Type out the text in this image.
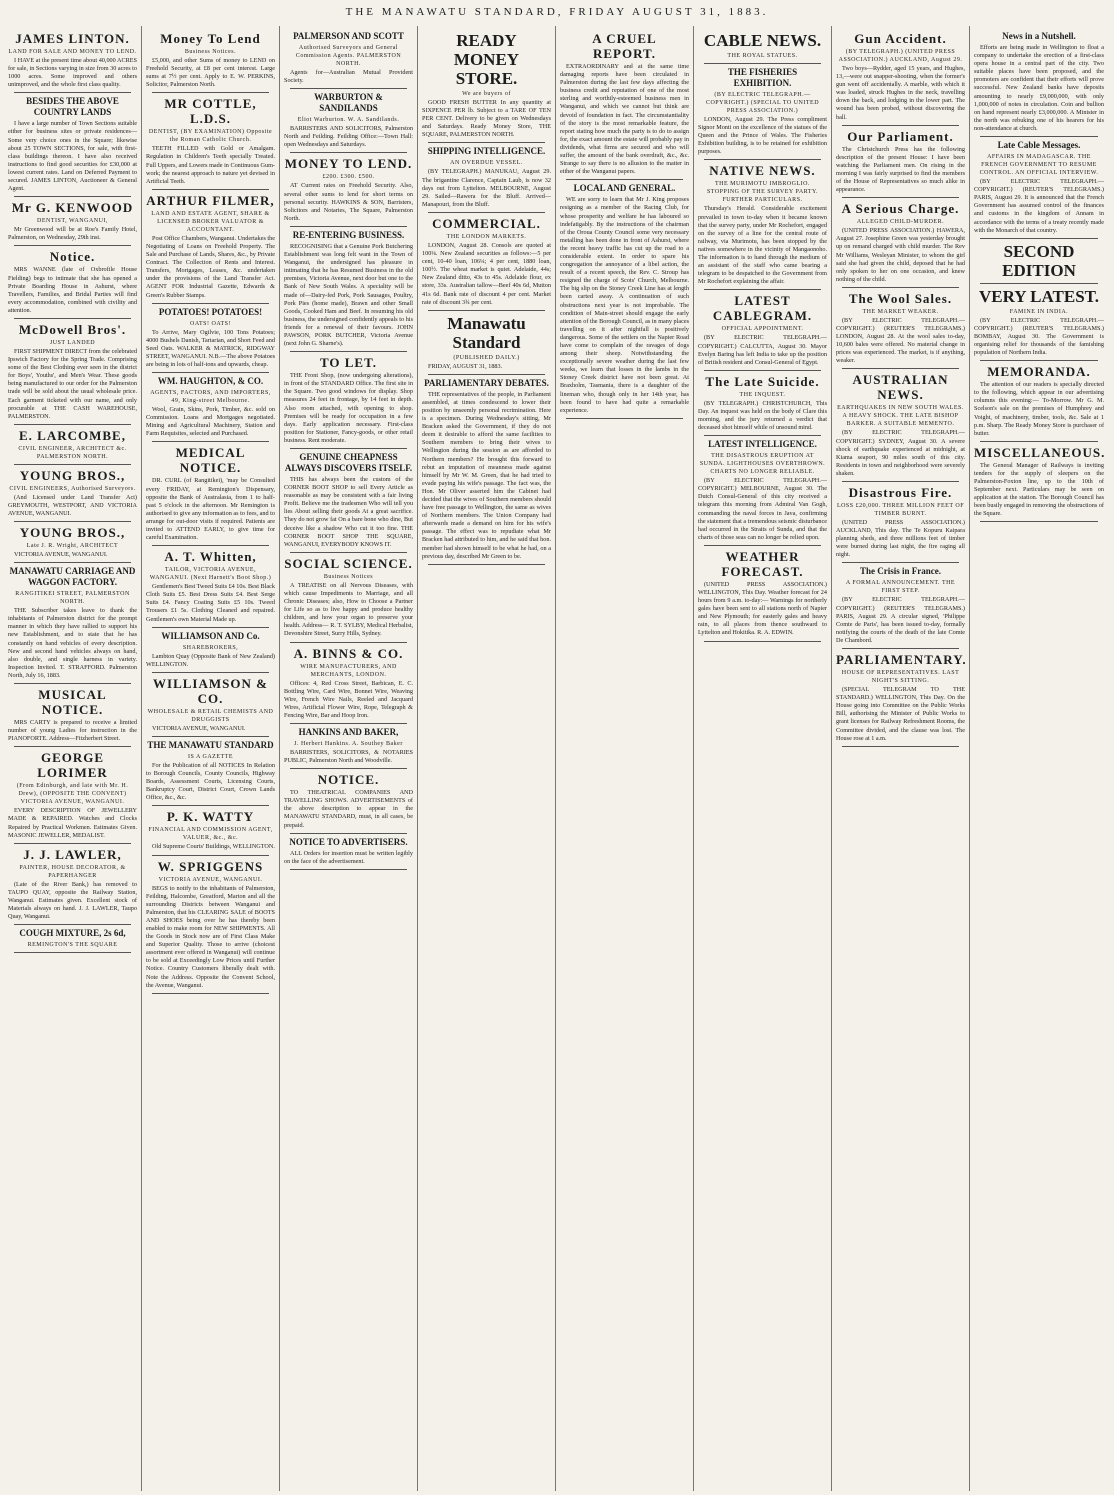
THE MANAWATU STANDARD, FRIDAY AUGUST 31, 1883.
JAMES LINTON.
LAND FOR SALE AND MONEY TO LEND.
I HAVE at the present time about 40,000 ACRES for sale, in Sections varying in size from 30 acres to 1000 acres. Some improved and others unimproved, and the whole first class quality.
BESIDES THE ABOVE COUNTRY LANDS
I have a large number of Town Sections suitable either for business sites or private residences—Some very choice ones in the Square; likewise about 25 TOWN SECTIONS, for sale, with first-class buildings thereon. I have also received instructions to find good securities for £30,000 at lowest current rates. Land on Deferred Payment to secured. JAMES LINTON, Auctioneer & General Agent.
Mr G. KENWOOD
DENTIST, WANGANUI,
Mr Greenwood will be at Roe's Family Hotel, Palmerston, on Wednesday, 29th inst.
Notice.
MRS WANNE (late of Oxbrofile House Fielding) begs to intimate that she has opened a Private Boarding House in Ashurst, where Travellers, Families, and Bridal Parties will find every accommodation, combined with civility and attention.
McDowell Bros'.
JUST LANDED
FIRST SHIPMENT DIRECT from the celebrated Ipswich Factory for the Spring Trade. Comprising some of the Best Clothing ever seen in the district for Boys', Youths', and Men's Wear. These goods being manufactured to our order for the Palmerston trade will be sold about the usual wholesale price. Each garment ticketed with our name, and only procurable at THE CASH WAREHOUSE, PALMERSTON.
E. LARCOMBE,
CIVIL ENGINEER, ARCHITECT &c. PALMERSTON NORTH.
YOUNG BROS.,
CIVIL ENGINEERS, Authorised Surveyors.
(And Licensed under Land Transfer Act) GREYMOUTH, WESTPORT, AND VICTORIA AVENUE, WANGANUI.
YOUNG BROS.,
Late J. R. Wright, ARCHITECT
VICTORIA AVENUE, WANGANUI.
MANAWATU CARRIAGE AND WAGGON FACTORY.
RANGITIKEI STREET, PALMERSTON NORTH.
THE Subscriber takes leave to thank the inhabitants of Palmerston district for the prompt manner in which they have rallied to support his new Establishment, and to state that he has constantly on hand vehicles of every description. New and second hand vehicles always on hand, also double, and single harness in variety. Inspection Invited. T. STRAFFORD. Palmerston North, July 16, 1883.
MUSICAL NOTICE.
MRS CARTY is prepared to receive a limited number of young Ladies for instruction in the PIANOFORTE. Address—Fitzherbert Street.
GEORGE LORIMER
(From Edinburgh, and late with Mr. H. Drew), (OPPOSITE THE CONVENT) VICTORIA AVENUE, WANGANUI.
EVERY DESCRIPTION OF JEWELLERY MADE & REPAIRED. Watches and Clocks Repaired by Practical Workmen. Estimates Given. MASONIC JEWELLER, MEDALIST.
J. J. LAWLER,
PAINTER, HOUSE DECORATOR, & PAPERHANGER
(Late of the River Bank,) has removed to TAUPO QUAY, opposite the Railway Station, Wanganui. Estimates given. Excellent stock of Materials always on hand. J. J. LAWLER, Taupo Quay, Wanganui.
COUGH MIXTURE, 2s 6d,
REMINGTON'S THE SQUARE
Money To Lend
Business Notices.
£5,000, and other Sums of money to LEND on Freehold Security, at £8 per cent interest. Large sums at 7½ per cent. Apply to E. W. PERKINS, Solicitor, Palmerston North.
MR COTTLE, L.D.S.
DENTIST, (BY EXAMINATION) Opposite the Roman Catholic Church.
TEETH FILLED with Gold or Amalgam. Regulation in Children's Teeth specially Treated. Full Uppers, and Lowers made in Continuous Gum-work; the nearest approach to nature yet devised in Artificial Teeth.
ARTHUR FILMER,
LAND AND ESTATE AGENT, SHARE & LICENSED BROKER VALUATOR & ACCOUNTANT.
Post Office Chambers, Wanganui. Undertakes the Negotiating of Loans on Freehold Property. The Sale and Purchase of Lands, Shares, &c., by Private Contract. The Collection of Rents and Interest. Transfers, Mortgages, Leases, &c. undertaken under the provisions of the Land Transfer Act. AGENT FOR Industrial Gazette, Edwards & Green's Rubber Stamps.
POTATOES! POTATOES!
OATS! OATS!
To Arrive, Mary Ogilvie, 100 Tons Potatoes; 4000 Bushels Danish, Tartarian, and Short Feed and Seed Oats. WALKER & MATRICK, RIDGWAY STREET, WANGANUI. N.B.—The above Potatoes are being in lots of half-tons and upwards, cheap.
WM. HAUGHTON, & CO.
AGENTS, FACTORS, AND IMPORTERS, 49, King-street Melbourne.
Wool, Grain, Skins, Pork, Timber, &c. sold on Commission. Loans and Mortgages negotiated. Mining and Agricultural Machinery, Station and Farm Requisites, selected and Purchased.
MEDICAL NOTICE.
DR. CURL (of Rangitikei), 'may be Consulted every FRIDAY, at Remington's Dispensary, opposite the Bank of Australasia, from 1 to half-past 5 o'clock in the afternoon. Mr Remington is authorised to give any information as to fees, and to arrange for out-door visits if required. Patients are invited to ATTEND EARLY, to give time for careful Examination.
A. T. Whitten,
TAILOR, VICTORIA AVENUE, WANGANUI. (Next Harnett's Boot Shop.)
Gentlemen's Best Tweed Suits £4 10s. Best Black Cloth Suits £5. Best Dress Suits £4. Best Serge Suits £4. Fancy Coating Suits £5 10s. Tweed Trousers £1 5s. Clothing Cleaned and repaired. Gentlemen's own Material Made up.
WILLIAMSON AND Co.
SHAREBROKERS,
Lambton Quay (Opposite Bank of New Zealand) WELLINGTON.
WILLIAMSON & CO.
WHOLESALE & RETAIL CHEMISTS AND DRUGGISTS
VICTORIA AVENUE, WANGANUI.
THE MANAWATU STANDARD
IS A GAZETTE
For the Publication of all NOTICES In Relation to Borough Councils, County Councils, Highway Boards, Assessment Courts, Licensing Courts, Bankruptcy Court, District Court, Crown Lands Office, &c., &c.
P. K. WATTY
FINANCIAL AND COMMISSION AGENT, VALUER, &c., &c.
Old Supreme Courts' Buildings, WELLINGTON.
W. SPRIGGENS
VICTORIA AVENUE, WANGANUI.
BEGS to notify to the inhabitants of Palmerston, Feilding, Halcombe, Greatford, Marton and all the surrounding Districts between Wanganui and Palmerston, that his CLEARING SALE of BOOTS AND SHOES being over he has thereby been enabled to make room for NEW SHIPMENTS. All the Goods in Stock now are of First Class Make and Superior Quality. Those to arrive (choicest assortment ever offered in Wanganui) will continue to be sold at Exceedingly Low Prices until Further Notice. Country Customers liberally dealt with. Note the Address. Opposite the Convent School, the Avenue, Wanganui.
PALMERSON AND SCOTT
Authorised Surveyors and General Commission Agents. PALMERSTON NORTH.
Agents for—Australian Mutual Provident Society.
WARBURTON & SANDILANDS
Eliot Warburton. W. A. Sandilands.
BARRISTERS AND SOLICITORS, Palmerston North and Feilding. Feilding Office:—Town Hall: open Wednesdays and Saturdays.
MONEY TO LEND.
£200. £300. £500.
AT Current rates on Freehold Security. Also, several other sums to lend for short terms on personal security. HAWKINS & SON, Barristers, Solicitors and Notaries, The Square, Palmerston North.
RE-ENTERING BUSINESS.
RECOGNISING that a Genuine Pork Butchering Establishment was long felt want in the Town of Wanganui, the undersigned has pleasure in intimating that he has Resumed Business in the old premises, Victoria Avenue, next door but one to the Bank of New South Wales. A speciality will be made of—Dairy-fed Pork, Pork Sausages, Poultry, Pork Pies (home made), Brawn and other Small Goods, Cooked Ham and Beef. In resuming his old business, the undersigned confidently appeals to his friends for a renewal of their favours. JOHN PAWSON, PORK BUTCHER, Victoria Avenue (next John G. Sharne's).
TO LET.
THE Front Shop, (now undergoing alterations), in front of the STANDARD Office. The first site in the Square. Two good windows for display. Shop measures 24 feet in frontage, by 14 feet in depth. Also room attached, with opening to shop. Premises will be ready for occupation in a few days. Early application necessary. First-class position for Stationer, Fancy-goods, or other retail business. Rent moderate.
GENUINE CHEAPNESS ALWAYS DISCOVERS ITSELF.
THIS has always been the custom of the CORNER BOOT SHOP to sell Every Article as reasonable as may be consistent with a fair living Profit. Believe me the tradesmen Who will tell you lies About selling their goods At a great sacrifice. They do not grow fat On a bare bone who dine, But deceive like a shadow Who cut it too fine. THE CORNER BOOT SHOP THE SQUARE, WANGANUI, EVERYBODY KNOWS IT.
SOCIAL SCIENCE.
Business Notices
A TREATISE on all Nervous Diseases, with which cause Impediments to Marriage, and all Chronic Diseases; also, How to Choose a Partner for Life so as to live happy and produce healthy children, and how your organ to preserve your health. Address— R. T. SYLBY, Medical Herbalist, Devonshire Street, Surry Hills, Sydney.
A. BINNS & CO.
WIRE MANUFACTURERS, AND MERCHANTS, LONDON.
Offices: 4, Red Cross Street, Barbican, E. C. Bottling Wire, Card Wire, Bonnet Wire, Weaving Wire, French Wire Nails, Reeled and Jacquard Wires, Artificial Flower Wire, Rope, Telegraph & Fencing Wire, Bar and Hoop Iron.
HANKINS AND BAKER,
J. Herbert Hankins. A. Southey Baker
BARRISTERS, SOLICITORS, & NOTARIES PUBLIC, Palmerston North and Woodville.
NOTICE.
TO THEATRICAL COMPANIES AND TRAVELLING SHOWS. ADVERTISEMENTS of the above description to appear in the MANAWATU STANDARD, must, in all cases, be prepaid.
NOTICE TO ADVERTISERS.
ALL Orders for insertion must be written legibly on the face of the advertisement.
READY MONEY STORE.
We are buyers of
GOOD FRESH BUTTER In any quantity at SIXPENCE PER lb. Subject to a TARE OF TEN PER CENT. Delivery to be given on Wednesdays and Saturdays. Ready Money Store, THE SQUARE, PALMERSTON NORTH.
SHIPPING INTELLIGENCE.
AN OVERDUE VESSEL.
(BY TELEGRAPH.) MANUKAU, August 29. The brigantine Clarence, Captain Laub, is now 32 days out from Lyttelton. MELBOURNE, August 29. Sailed—Rawera for the Bluff. Arrived—Manapouri, from the Bluff.
COMMERCIAL.
THE LONDON MARKETS.
LONDON, August 28. Consols are quoted at 100⅛. New Zealand securities as follows:—5 per cent, 10-40 loan, 106¼; 4 per cent, 1880 loan, 100½. The wheat market is quiet. Adelaide, 44s; New Zealand ditto, 43s to 45s. Adelaide flour, ex store, 33s. Australian tallow—Beef 40s 6d, Mutton 41s 6d. Bank rate of discount 4 per cent. Market rate of discount 3¾ per cent.
Manawatu Standard
(PUBLISHED DAILY.)
FRIDAY, AUGUST 31, 1883.
PARLIAMENTARY DEBATES.
THE representatives of the people, in Parliament assembled, at times condescend to lower their position by unseemly personal recrimination. Here is a specimen. During Wednesday's sitting, Mr Bracken asked the Government, if they do not deem it desirable to afford the same facilities to Southern members to bring their wives to Wellington during the session as are afforded to Northern members? He brought this forward to rebut an imputation of meanness made against himself by Mr W. M. Green, that he had tried to evade paying his wife's passage. The fact was, the Hon. Mr Oliver asserted him the Cabinet had decided that the wives of Southern members should have free passage to Wellington, the same as wives of Northern members. The Union Company had afterwards made a demand on him for his wife's passage. The effect was to repudiate what Mr Bracken had attributed to him, and he said that hon. member had shown himself to be what he had, on a previous day, described Mr Green to be.
A CRUEL REPORT.
EXTRAORDINARY and at the same time damaging reports have been circulated in Palmerston during the last few days affecting the business credit and reputation of one of the most sterling and worthily-esteemed business men in Wanganui, and which we cannot but think are devoid of foundation in fact. The circumstantiality of the story is the most remarkable feature, the report stating how much the party is to do to assign for, the exact amount the estate will probably pay in dividends, what firms are secured and who will suffer, the amount of the bank overdraft, &c., &c. Strange to say there is no allusion to the matter in either of the Wanganui papers.
LOCAL AND GENERAL.
WE are sorry to learn that Mr J. King proposes resigning as a member of the Racing Club, for whose prosperity and welfare he has laboured so indefatigably. By the instructions of the chairman of the Oroua County Council some very necessary metalling has been done in front of Ashurst, where the recent heavy traffic has cut up the road to a considerable extent. In order to spare his congregation the annoyance of a libel action, the result of a recent speech, the Rev. C. Stroup has resigned the charge of Scots' Church, Melbourne. The big slip on the Stoney Creek Line has at length been carted away. A continuation of such obstructions next year is not improbable. The condition of Main-street should engage the early attention of the Borough Council, as in many places travelling on it after nightfall is positively dangerous. Some of the settlers on the Napier Road have come to complain of the ravages of dogs among their sheep. Notwithstanding the exceptionally severe weather during the last few weeks, we learn that losses in the lambs in the Stoney Creek district have not been great. At Braxholm, Tasmania, there is a daughter of the lineman who, though only in her 14th year, has been found to have had quite a remarkable experience.
CABLE NEWS.
THE ROYAL STATUES.
THE FISHERIES EXHIBITION.
(BY ELECTRIC TELEGRAPH.—COPYRIGHT.) (SPECIAL TO UNITED PRESS ASSOCIATION.)
LONDON, August 29. The Press compliment Signor Monti on the excellence of the statues of the Queen and the Prince of Wales. The Fisheries Exhibition building, is to be retained for exhibition purposes.
NATIVE NEWS.
THE MURIMOTU IMBROGLIO. STOPPING OF THE SURVEY PARTY. FURTHER PARTICULARS.
Thursday's Herald. Considerable excitement prevailed in town to-day when it became known that the survey party, under Mr Rochefort, engaged on the survey of a line for the central route of railway, via Murimotu, has been stopped by the natives somewhere in the vicinity of Mangaonoho. The information is to hand through the medium of an assistant of the staff who came bearing a telegram to be despatched to the Government from Mr Rochefort explaining the affair.
LATEST CABLEGRAM.
OFFICIAL APPOINTMENT.
(BY ELECTRIC TELEGRAPH.—COPYRIGHT.) CALCUTTA, August 30. Mayor Evelyn Baring has left India to take up the position of British resident and Consul-General of Egypt.
The Late Suicide.
THE INQUEST.
(BY TELEGRAPH.) CHRISTCHURCH, This Day. An inquest was held on the body of Clare this morning, and the jury returned a verdict that deceased shot himself while of unsound mind.
LATEST INTELLIGENCE.
THE DISASTROUS ERUPTION AT SUNDA. LIGHTHOUSES OVERTHROWN. CHARTS NO LONGER RELIABLE.
(BY ELECTRIC TELEGRAPH.—COPYRIGHT.) MELBOURNE, August 30. The Dutch Consul-General of this city received a telegram this morning from Admiral Van Gogh, commanding the naval forces in Java, confirming the statement that a tremendous seismic disturbance had occurred in the Straits of Sunda, and that the charts of those seas can no longer be relied upon.
WEATHER FORECAST.
(UNITED PRESS ASSOCIATION.) WELLINGTON, This Day. Weather forecast for 24 hours from 9 a.m. to-day:— Warnings for northerly gales have been sent to all stations north of Napier and New Plymouth; for easterly gales and heavy rain, to all places from thence southward to Lyttelton and Hokitika. R. A. EDWIN.
Gun Accident.
(BY TELEGRAPH.) (UNITED PRESS ASSOCIATION.) AUCKLAND, August 29.
Two boys—Rydder, aged 15 years, and Hughes, 13,—were out snapper-shooting, when the former's gun went off accidentally. A marble, with which it was loaded, struck Hughes in the neck, travelling down the back, and lodging in the lower part. The wound has been probed, without discovering the ball.
Our Parliament.
The Christchurch Press has the following description of the present House: I have been watching the Parliament men. On rising in the morning I was fairly surprised to find the members of the House of Representatives so much alike in appearance.
A Serious Charge.
ALLEGED CHILD-MURDER.
(UNITED PRESS ASSOCIATION.) HAWERA, August 27. Josephine Green was yesterday brought up on remand charged with child murder. The Rev Mr Williams, Wesleyan Minister, to whom the girl said she had given the child, deposed that he had only spoken to her on one occasion, and knew nothing of the child.
The Wool Sales.
THE MARKET WEAKER.
(BY ELECTRIC TELEGRAPH.—COPYRIGHT.) (REUTER'S TELEGRAMS.) LONDON, August 28. At the wool sales to-day, 10,600 bales were offered. No material change in prices was experienced. The market, is if anything, weaker.
AUSTRALIAN NEWS.
EARTHQUAKES IN NEW SOUTH WALES. A HEAVY SHOCK. THE LATE BISHOP BARKER. A SUITABLE MEMENTO.
(BY ELECTRIC TELEGRAPH.—COPYRIGHT.) SYDNEY, August 30. A severe shock of earthquake experienced at midnight, at Kiama seaport, 90 miles south of this city. Residents in town and neighborhood were severely shaken.
Disastrous Fire.
LOSS £20,000. THREE MILLION FEET OF TIMBER BURNT.
(UNITED PRESS ASSOCIATION.) AUCKLAND, This day. The Te Kopuru Kaipara planning sheds, and three millions feet of timber were burned during last night, the fire raging all night.
The Crisis in France.
A FORMAL ANNOUNCEMENT. THE FIRST STEP.
(BY ELECTRIC TELEGRAPH.—COPYRIGHT.) (REUTER'S TELEGRAMS.) PARIS, August 29. A circular signed, 'Philippe Comte de Paris', has been issued to-day, formally notifying the courts of the death of the late Comte De Chambord.
PARLIAMENTARY.
HOUSE OF REPRESENTATIVES. LAST NIGHT'S SITTING.
(SPECIAL TELEGRAM TO THE STANDARD.) WELLINGTON, This Day. On the House going into Committee on the Public Works Bill, authorising the Minister of Public Works to grant licenses for Railway Refreshment Rooms, the Committee divided, and the clause was lost. The House rose at 1 a.m.
News in a Nutshell.
Efforts are being made in Wellington to float a company to undertake the erection of a first-class opera house in a central part of the city. Two suitable places have been proposed, and the promoters are confident that their efforts will prove successful. New Zealand banks have deposits amounting to nearly £9,000,000, with only 1,000,000 of notes in circulation. Coin and bullion on hand represent nearly £3,000,000. A Minister in the north was rebuking one of his hearers for his non-attendance at church.
Late Cable Messages.
AFFAIRS IN MADAGASCAR. THE FRENCH GOVERNMENT TO RESUME CONTROL. AN OFFICIAL INTERVIEW.
(BY ELECTRIC TELEGRAPH.—COPYRIGHT.) (REUTER'S TELEGRAMS.) PARIS, August 29. It is announced that the French Government has assumed control of the finances and customs in the kingdom of Annam in accordance with the terms of a treaty recently made with the Monarch of that country.
SECOND EDITION
VERY LATEST.
FAMINE IN INDIA.
(BY ELECTRIC TELEGRAPH.—COPYRIGHT.) (REUTER'S TELEGRAMS.) BOMBAY, August 30. The Government is organising relief for thousands of the famishing population of Northern India.
MEMORANDA.
The attention of our readers is specially directed to the following, which appear in our advertising columns this evening:— To-Morrow. Mr G. M. Scelson's sale on the premises of Humphrey and Voight, of machinery, timber, tools, &c. Sale at 1 p.m. Sharp. The Ready Money Store is purchaser of butter.
MISCELLANEOUS.
The General Manager of Railways is inviting tenders for the supply of sleepers on the Palmerston-Foxton line, up to the 10th of September next. Particulars may be seen on application at the station. The Borough Council has been busily engaged in removing the obstructions of the Square.
